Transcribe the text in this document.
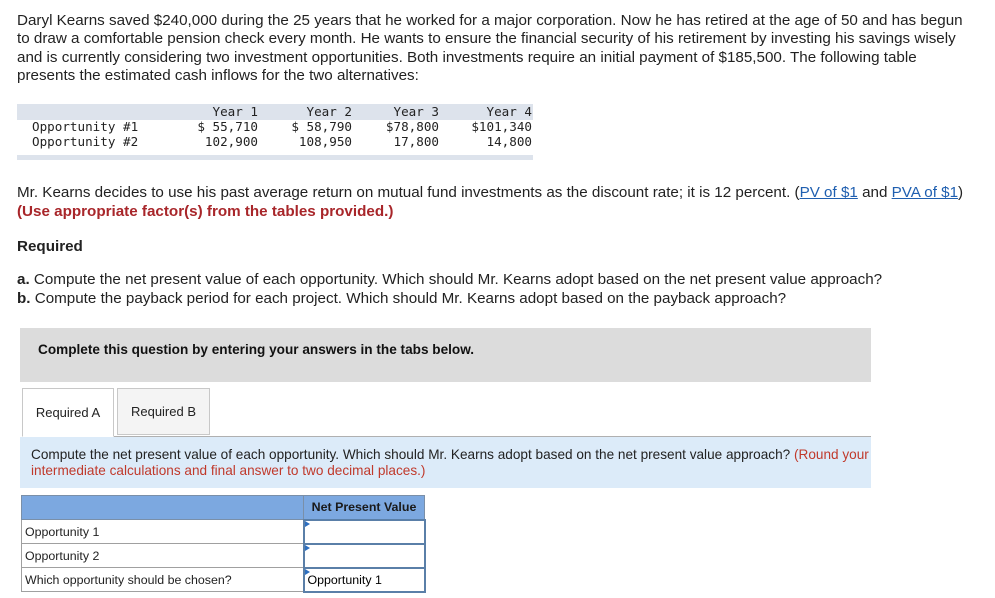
Daryl Kearns saved $240,000 during the 25 years that he worked for a major corporation. Now he has retired at the age of 50 and has begun to draw a comfortable pension check every month. He wants to ensure the financial security of his retirement by investing his savings wisely and is currently considering two investment opportunities. Both investments require an initial payment of $185,500. The following table presents the estimated cash inflows for the two alternatives:

	Year 1	Year 2	Year 3	Year 4
Opportunity #1	$ 55,710	$ 58,790	$78,800	$101,340
Opportunity #2	102,900	108,950	17,800	14,800

Mr. Kearns decides to use his past average return on mutual fund investments as the discount rate; it is 12 percent. (PV of $1 and PVA of $1) (Use appropriate factor(s) from the tables provided.)

Required
a. Compute the net present value of each opportunity. Which should Mr. Kearns adopt based on the net present value approach?
b. Compute the payback period for each project. Which should Mr. Kearns adopt based on the payback approach?
Complete this question by entering your answers in the tabs below.
Required A	Required B
Compute the net present value of each opportunity. Which should Mr. Kearns adopt based on the net present value approach? (Round your intermediate calculations and final answer to two decimal places.)
	Net Present Value
Opportunity 1	
Opportunity 2	
Which opportunity should be chosen?	Opportunity 1
